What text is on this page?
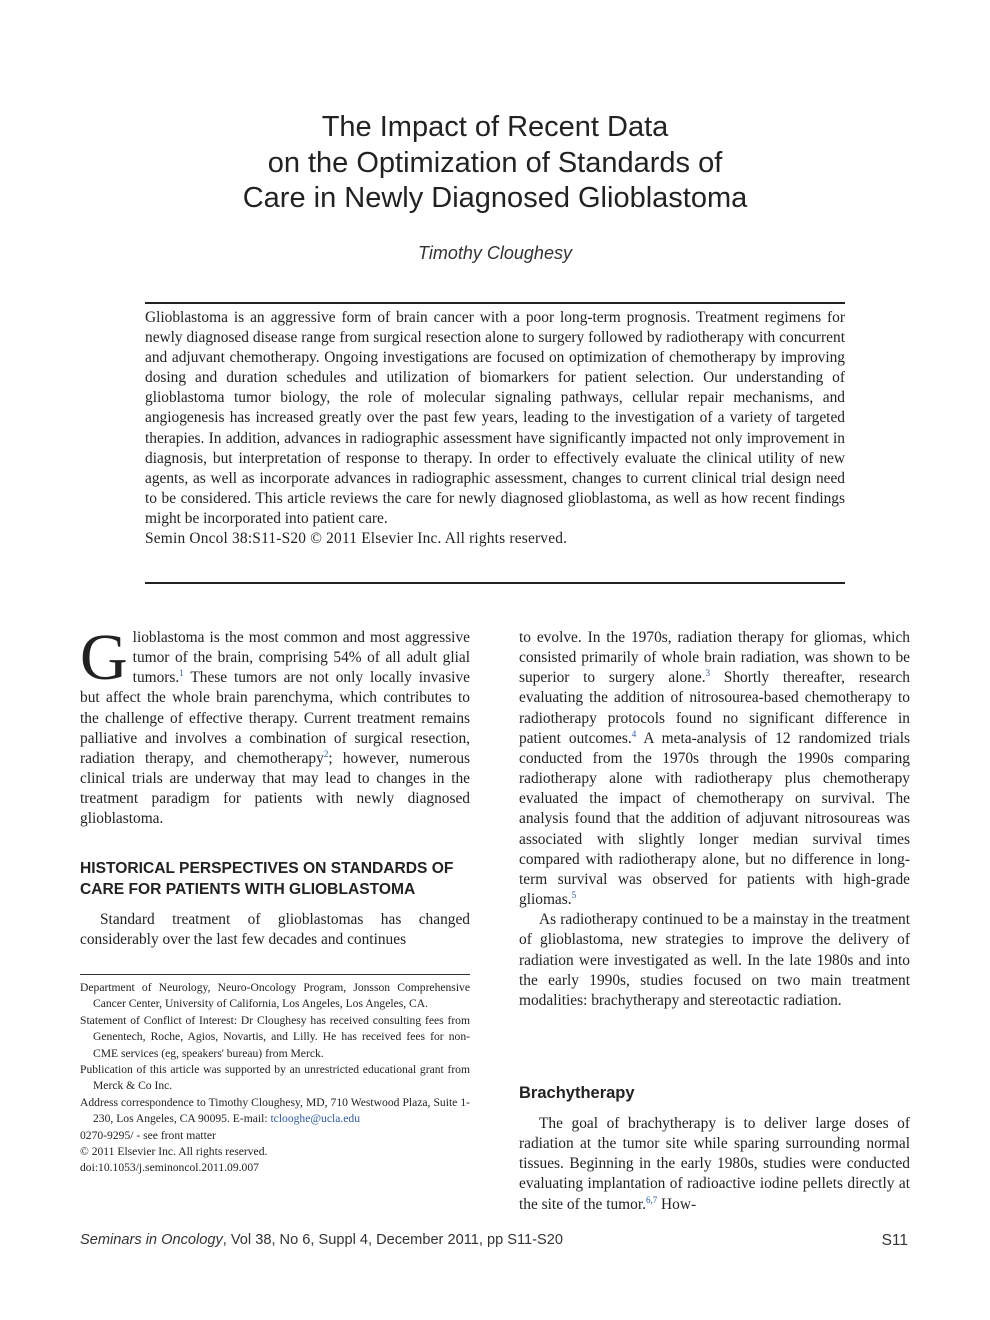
The Impact of Recent Data
on the Optimization of Standards of
Care in Newly Diagnosed Glioblastoma
Timothy Cloughesy

Glioblastoma is an aggressive form of brain cancer with a poor long-term prognosis. Treatment regimens for newly diagnosed disease range from surgical resection alone to surgery followed by radiotherapy with concurrent and adjuvant chemotherapy. Ongoing investigations are focused on optimization of chemotherapy by improving dosing and duration schedules and utilization of biomarkers for patient selection. Our understanding of glioblastoma tumor biology, the role of molecular signaling pathways, cellular repair mechanisms, and angiogenesis has increased greatly over the past few years, leading to the investigation of a variety of targeted therapies. In addition, advances in radiographic assessment have significantly impacted not only improvement in diagnosis, but interpretation of response to therapy. In order to effectively evaluate the clinical utility of new agents, as well as incorporate advances in radiographic assessment, changes to current clinical trial design need to be considered. This article reviews the care for newly diagnosed glioblastoma, as well as how recent findings might be incorporated into patient care.

Semin Oncol 38:S11-S20 © 2011 Elsevier Inc. All rights reserved.

Glioblastoma is the most common and most aggressive tumor of the brain, comprising 54% of all adult glial tumors.$^1$ These tumors are not only locally invasive but affect the whole brain parenchyma, which contributes to the challenge of effective therapy. Current treatment remains palliative and involves a combination of surgical resection, radiation therapy, and chemotherapy$^2$; however, numerous clinical trials are underway that may lead to changes in the treatment paradigm for patients with newly diagnosed glioblastoma.

HISTORICAL PERSPECTIVES ON STANDARDS OF
CARE FOR PATIENTS WITH GLIOBLASTOMA

Standard treatment of glioblastomas has changed considerably over the last few decades and continues

Department of Neurology, Neuro-Oncology Program, Jonsson Comprehensive Cancer Center, University of California, Los Angeles, Los Angeles, CA.

Statement of Conflict of Interest: Dr Cloughesy has received consulting fees from Genentech, Roche, Agios, Novartis, and Lilly. He has received fees for non-CME services (eg, speakers' bureau) from Merck.

Publication of this article was supported by an unrestricted educational grant from Merck & Co Inc.

Address correspondence to Timothy Cloughesy, MD, 710 Westwood Plaza, Suite 1-230, Los Angeles, CA 90095. E-mail: tclooghe@ucla.edu

0270-9295/ - see front matter

© 2011 Elsevier Inc. All rights reserved.

doi:10.1053/j.seminoncol.2011.09.007

to evolve. In the 1970s, radiation therapy for gliomas, which consisted primarily of whole brain radiation, was shown to be superior to surgery alone.$^3$ Shortly thereafter, research evaluating the addition of nitrosourea-based chemotherapy to radiotherapy protocols found no significant difference in patient outcomes.$^4$ A meta-analysis of 12 randomized trials conducted from the 1970s through the 1990s comparing radiotherapy alone with radiotherapy plus chemotherapy evaluated the impact of chemotherapy on survival. The analysis found that the addition of adjuvant nitrosoureas was associated with slightly longer median survival times compared with radiotherapy alone, but no difference in long-term survival was observed for patients with high-grade gliomas.$^5$

As radiotherapy continued to be a mainstay in the treatment of glioblastoma, new strategies to improve the delivery of radiation were investigated as well. In the late 1980s and into the early 1990s, studies focused on two main treatment modalities: brachytherapy and stereotactic radiation.

Brachytherapy

The goal of brachytherapy is to deliver large doses of radiation at the tumor site while sparing surrounding normal tissues. Beginning in the early 1980s, studies were conducted evaluating implantation of radioactive iodine pellets directly at the site of the tumor.$^{6,7}$ How-

Seminars in Oncology, Vol 38, No 6, Suppl 4, December 2011, pp S11-S20	S11
